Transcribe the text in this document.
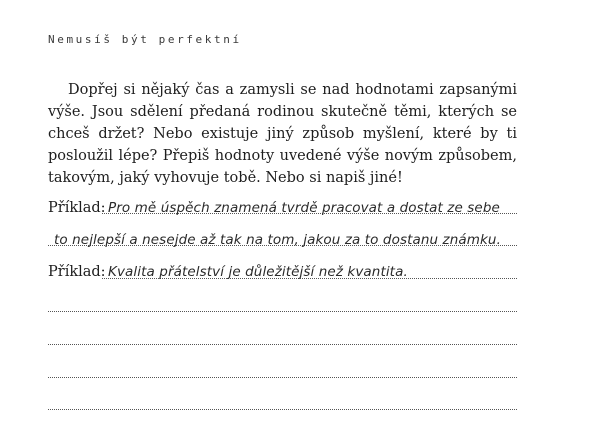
Nemusíš být perfektní

Dopřej si nějaký čas a zamysli se nad hodnotami zapsanými výše. Jsou sdělení předaná rodinou skutečně těmi, kterých se chceš držet? Nebo existuje jiný způsob myšlení, které by ti posloužil lépe? Přepiš hodnoty uvedené výše novým způsobem, takovým, jaký vyhovuje tobě. Nebo si napiš jiné!

Příklad: Pro mě úspěch znamená tvrdě pracovat a dostat ze sebe
to nejlepší a nesejde až tak na tom, jakou za to dostanu známku.
Příklad: Kvalita přátelství je důležitější než kvantita.
